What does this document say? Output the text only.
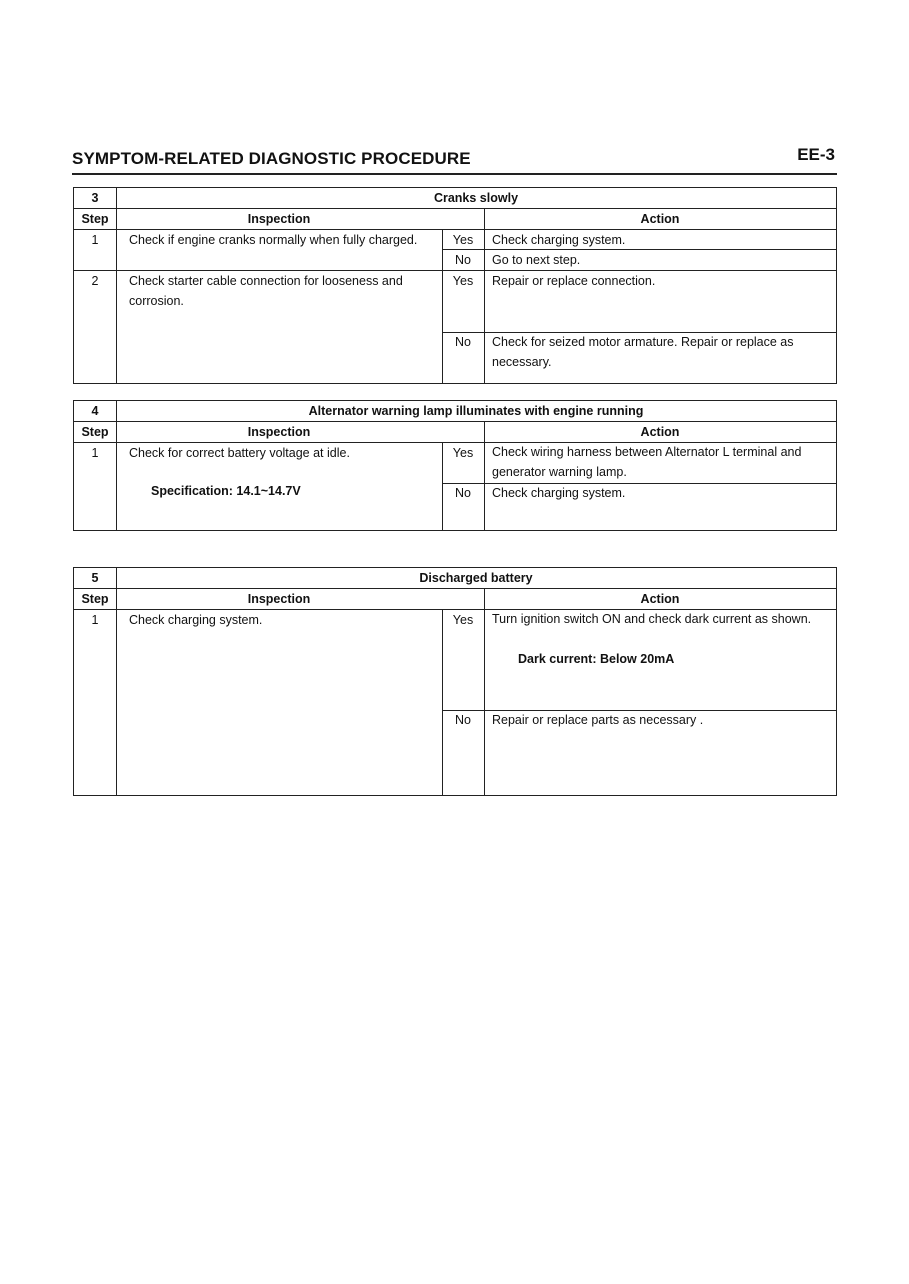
SYMPTOM-RELATED DIAGNOSTIC PROCEDURE	EE-3
3	Cranks slowly
Step	Inspection	Action
1	Check if engine cranks normally when fully charged.	Yes	Check charging system.
No	Go to next step.
2	Check starter cable connection for looseness and corrosion.
Yes	Repair or replace connection.
No	Check for seized motor armature. Repair or replace as necessary.
4	Alternator warning lamp illuminates with engine running
Step	Inspection	Action
1	Check for correct battery voltage at idle.
Specification: 14.1~14.7V
Yes	Check wiring harness between Alternator L terminal and generator warning lamp.
No	Check charging system.
5	Discharged battery
Step	Inspection	Action
1	Check charging system.	Yes	Turn ignition switch ON and check dark current as shown.
Dark current: Below 20mA
No	Repair or replace parts as necessary .
